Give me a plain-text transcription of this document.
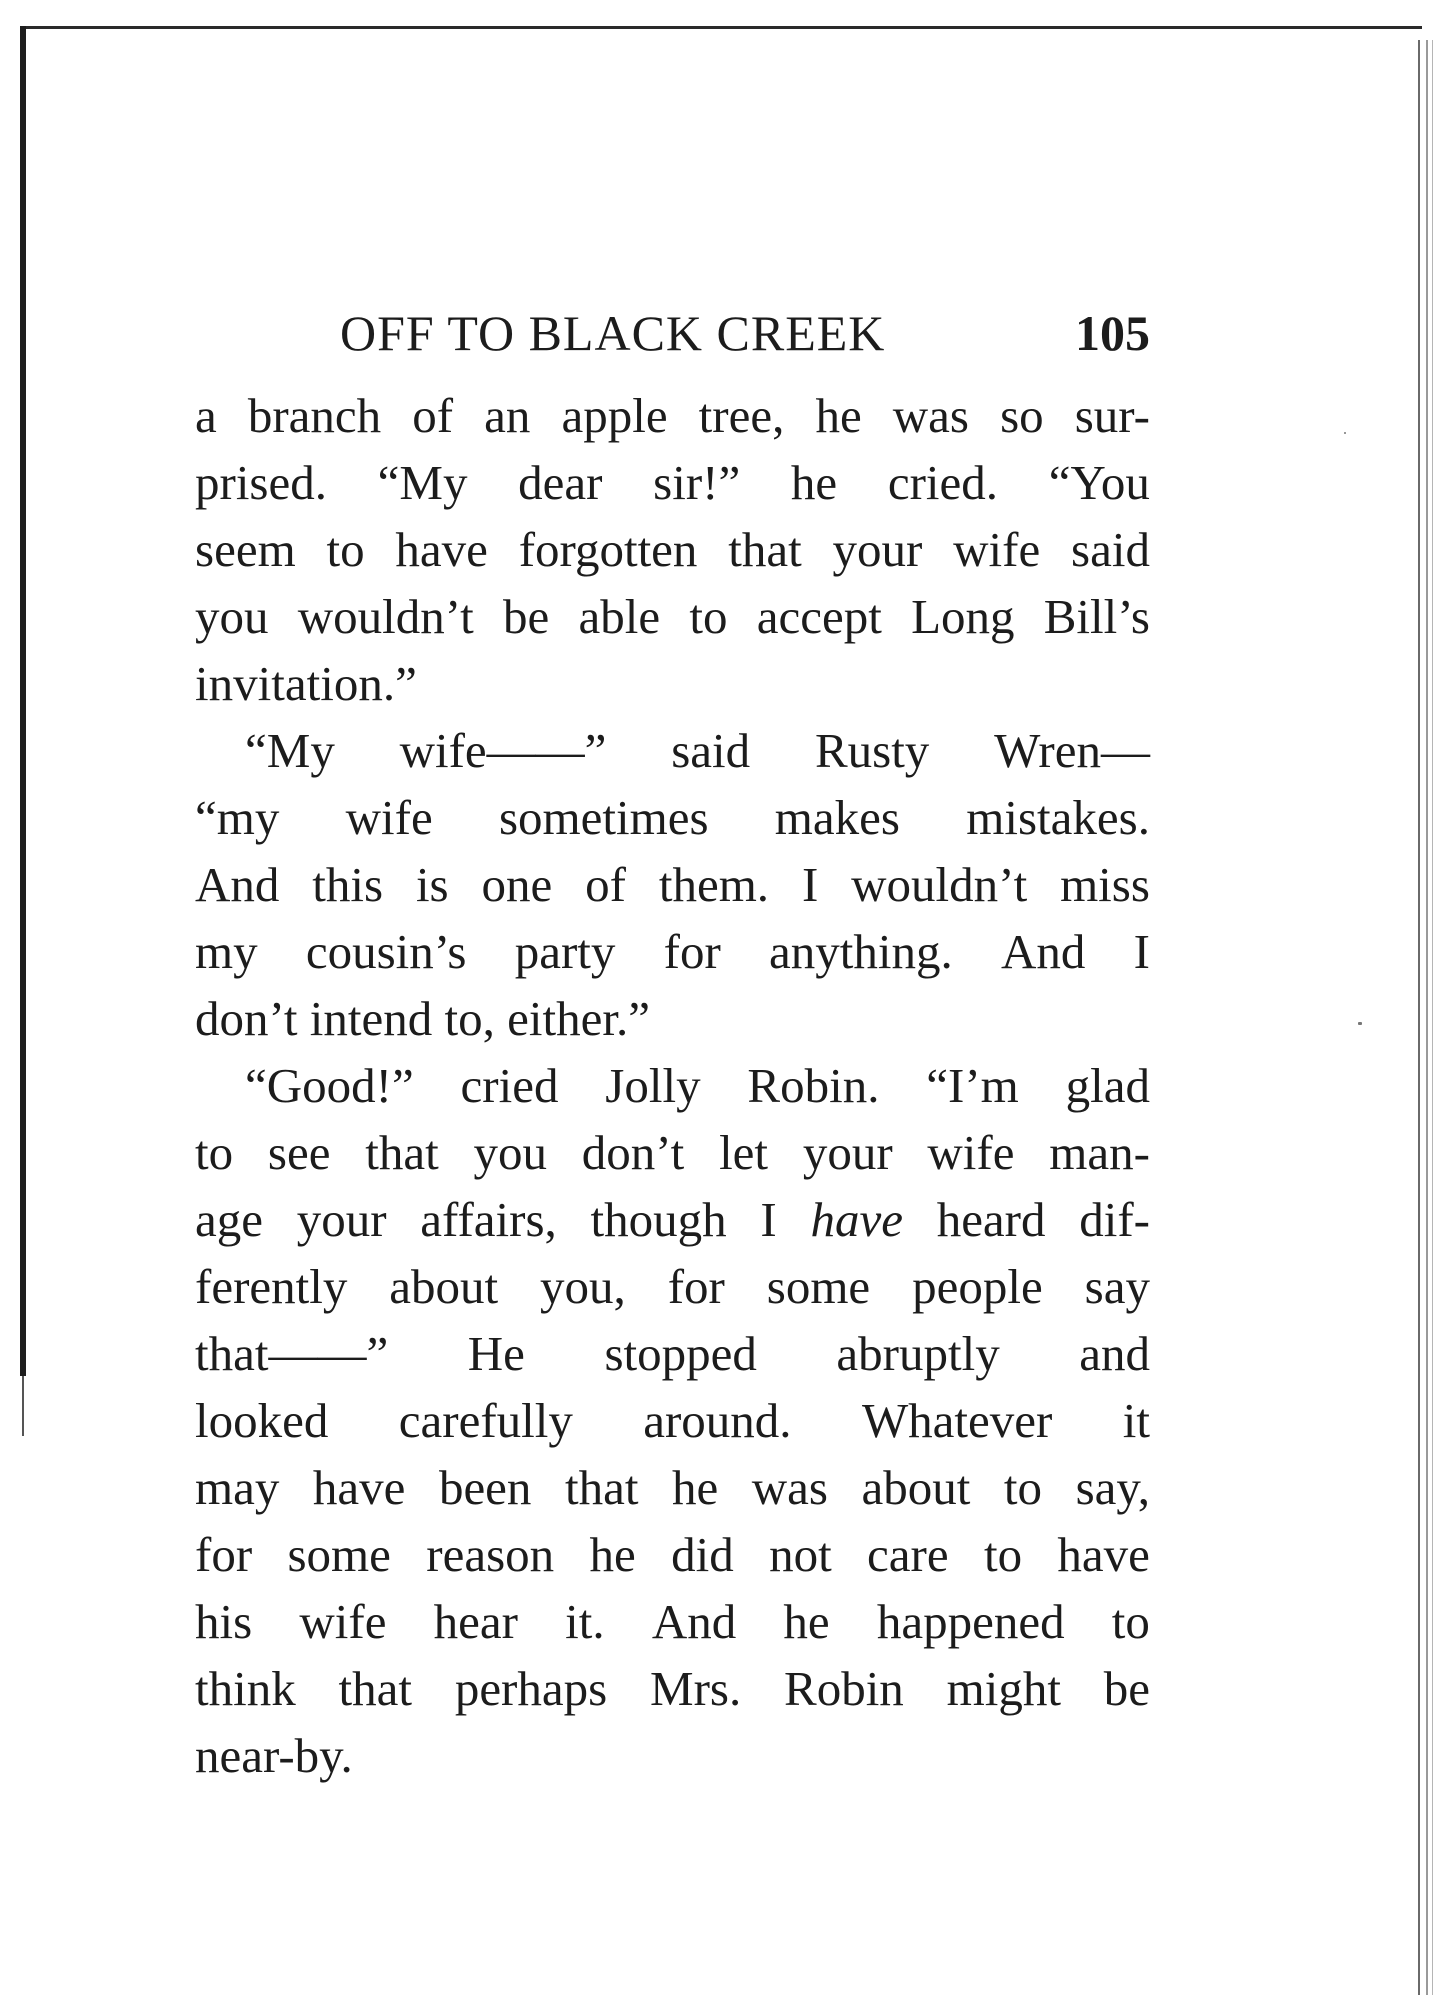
OFF TO BLACK CREEK	105
a branch of an apple tree, he was so sur-
prised. “My dear sir!” he cried. “You
seem to have forgotten that your wife said
you wouldn’t be able to accept Long Bill’s
invitation.”
“My wife——” said Rusty Wren—
“my wife sometimes makes mistakes.
And this is one of them. I wouldn’t miss
my cousin’s party for anything. And I
don’t
intend
to,
either.”
“Good!” cried Jolly Robin. “I’m glad
to see that you don’t let your wife man-
age your affairs, though I have heard dif-
ferently about you, for some people say
that——” He stopped abruptly and
looked carefully around. Whatever it
may have been that he was about to say,
for some reason he did not care to have
his wife hear it. And he happened to
think that perhaps Mrs. Robin might be
near-by.
